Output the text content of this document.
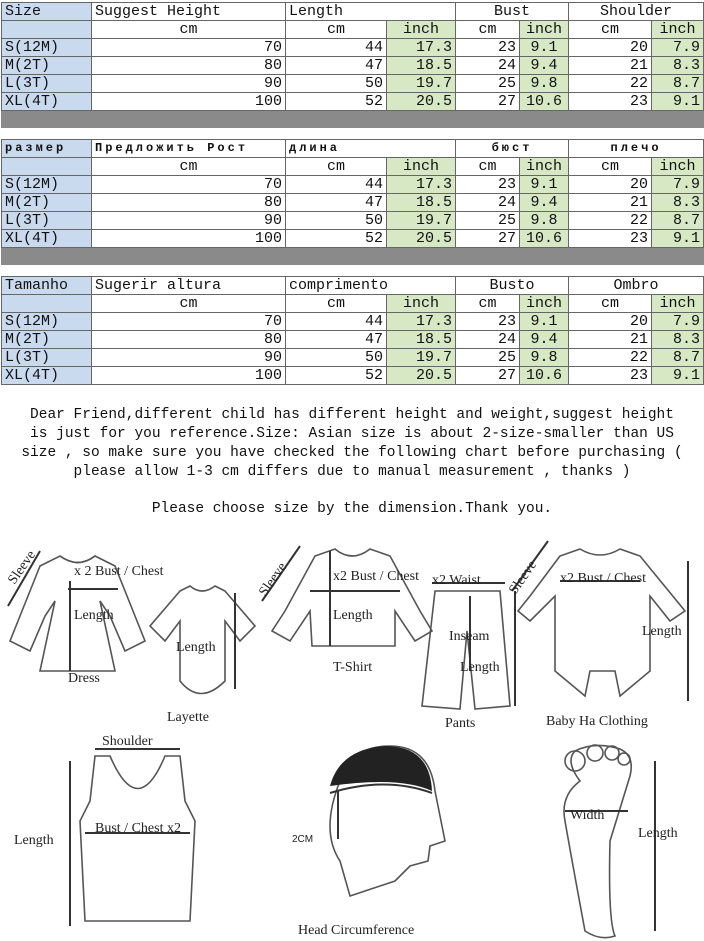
Size	Suggest Height	Length		Bust		Shoulder	
	cm	cm	inch	cm	inch	cm	inch
S(12M)	70	44	17.3	23	9.1	20	7.9
M(2T)	80	47	18.5	24	9.4	21	8.3
L(3T)	90	50	19.7	25	9.8	22	8.7
XL(4T)	100	52	20.5	27	10.6	23	9.1

размер	Предложить Рост	длина		бюст		плечо	
	cm	cm	inch	cm	inch	cm	inch
S(12M)	70	44	17.3	23	9.1	20	7.9
M(2T)	80	47	18.5	24	9.4	21	8.3
L(3T)	90	50	19.7	25	9.8	22	8.7
XL(4T)	100	52	20.5	27	10.6	23	9.1

Tamanho	Sugerir altura	comprimento		Busto		Ombro	
	cm	cm	inch	cm	inch	cm	inch
S(12M)	70	44	17.3	23	9.1	20	7.9
M(2T)	80	47	18.5	24	9.4	21	8.3
L(3T)	90	50	19.7	25	9.8	22	8.7
XL(4T)	100	52	20.5	27	10.6	23	9.1
Dear Friend,different child has different height and weight,suggest height
is just for you reference.Size: Asian size is about 2-size-smaller than US
size , so make sure you have checked the following chart before purchasing (
please allow 1-3 cm differs due to manual measurement , thanks )
Please choose size by the dimension.Thank you.
Sleeve x 2 Bust / Chest
Length
Dress
Length
Layette
Sleeve	x2 Bust / Chest
Length
T-Shirt
x2 Waist
Inseam
Length
Pants
Sleeve x2 Bust / Chest
Length
Baby Ha Clothing
Shoulder
Bust / Chest x2
Length	2CM
Head Circumference
Width
Length
